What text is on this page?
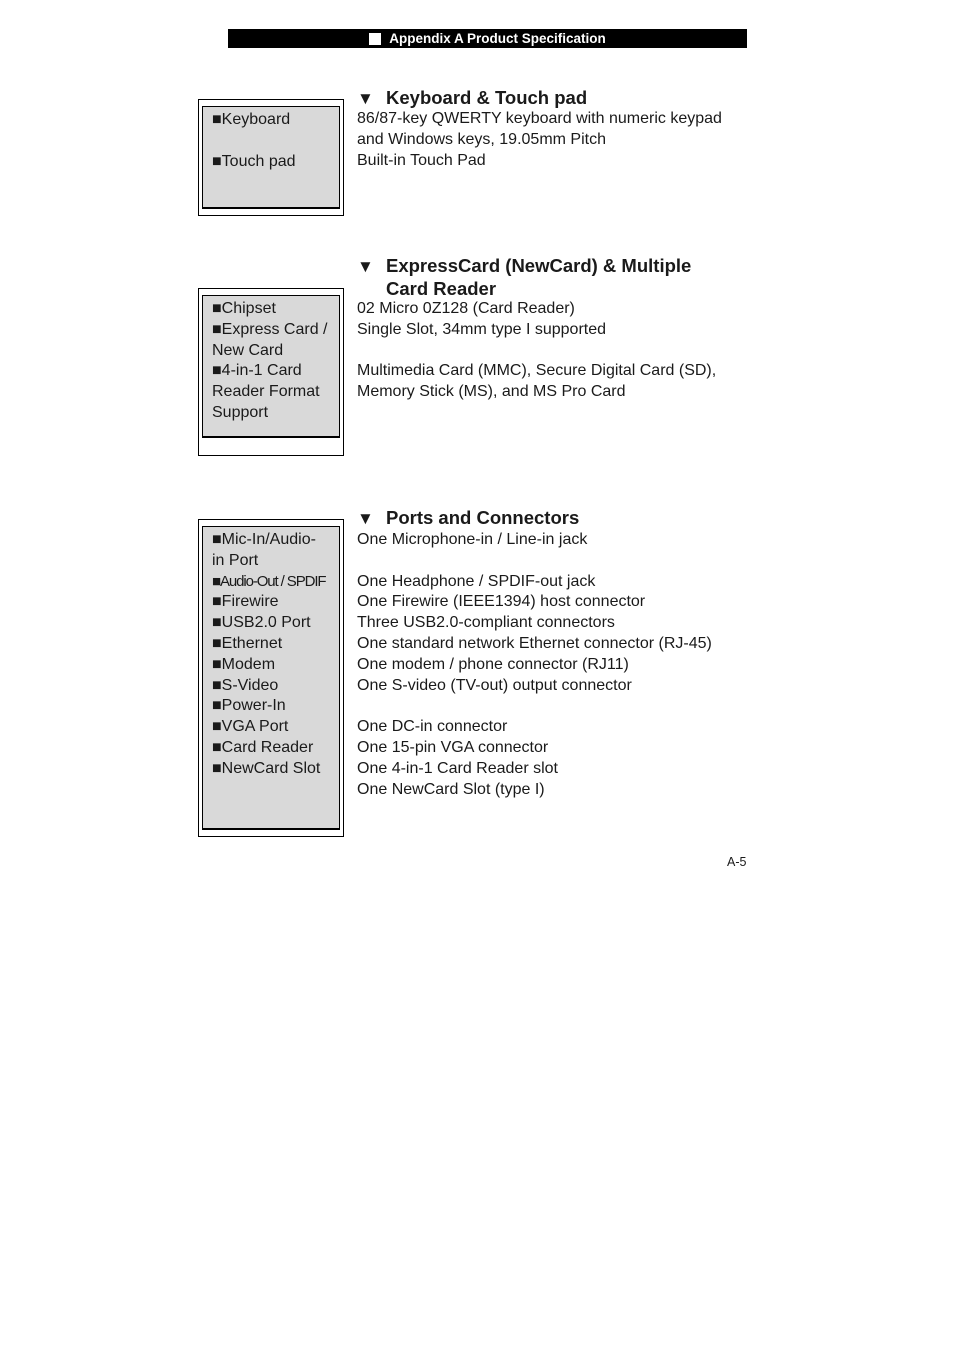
Appendix A Product Specification
■Keyboard
■Touch pad
▼ Keyboard & Touch pad
86/87-key QWERTY keyboard with numeric keypad
and Windows keys, 19.05mm Pitch
Built-in Touch Pad
■Chipset
■Express Card /
New Card
■4-in-1 Card
Reader Format
Support
▼ ExpressCard (NewCard) & Multiple
Card Reader
02 Micro 0Z128 (Card Reader)
Single Slot, 34mm type I supported
Multimedia Card (MMC), Secure Digital Card (SD),
Memory Stick (MS), and MS Pro Card
■Mic-In/Audio-
in Port
■Audio-Out / SPDIF
■Firewire
■USB2.0 Port
■Ethernet
■Modem
■S-Video
■Power-In
■VGA Port
■Card Reader
■NewCard Slot
▼ Ports and Connectors
One Microphone-in / Line-in jack
One Headphone / SPDIF-out jack
One Firewire (IEEE1394) host connector
Three USB2.0-compliant connectors
One standard network Ethernet connector (RJ-45)
One modem / phone connector (RJ11)
One S-video (TV-out) output connector
One DC-in connector
One 15-pin VGA connector
One 4-in-1 Card Reader slot
One NewCard Slot (type I)
A-5
